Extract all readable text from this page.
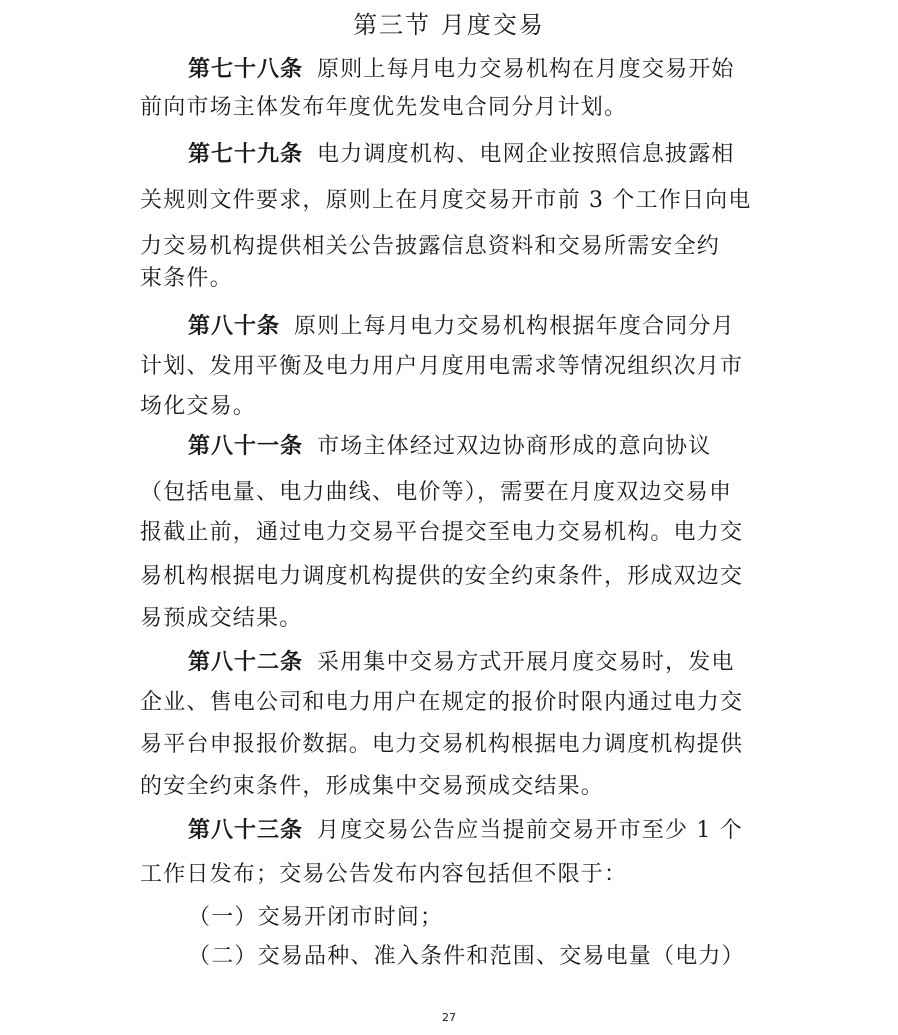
第三节 月度交易
第七十八条 原则上每月电力交易机构在月度交易开始
前向市场主体发布年度优先发电合同分月计划。
第七十九条 电力调度机构、电网企业按照信息披露相
关规则文件要求，原则上在月度交易开市前 3 个工作日向电
力交易机构提供相关公告披露信息资料和交易所需安全约
束条件。
第八十条 原则上每月电力交易机构根据年度合同分月
计划、发用平衡及电力用户月度用电需求等情况组织次月市
场化交易。
第八十一条 市场主体经过双边协商形成的意向协议
（包括电量、电力曲线、电价等），需要在月度双边交易申
报截止前，通过电力交易平台提交至电力交易机构。电力交
易机构根据电力调度机构提供的安全约束条件，形成双边交
易预成交结果。
第八十二条 采用集中交易方式开展月度交易时，发电
企业、售电公司和电力用户在规定的报价时限内通过电力交
易平台申报报价数据。电力交易机构根据电力调度机构提供
的安全约束条件，形成集中交易预成交结果。
第八十三条 月度交易公告应当提前交易开市至少 1 个
工作日发布；交易公告发布内容包括但不限于：
（一）交易开闭市时间；
（二）交易品种、准入条件和范围、交易电量（电力）
27
